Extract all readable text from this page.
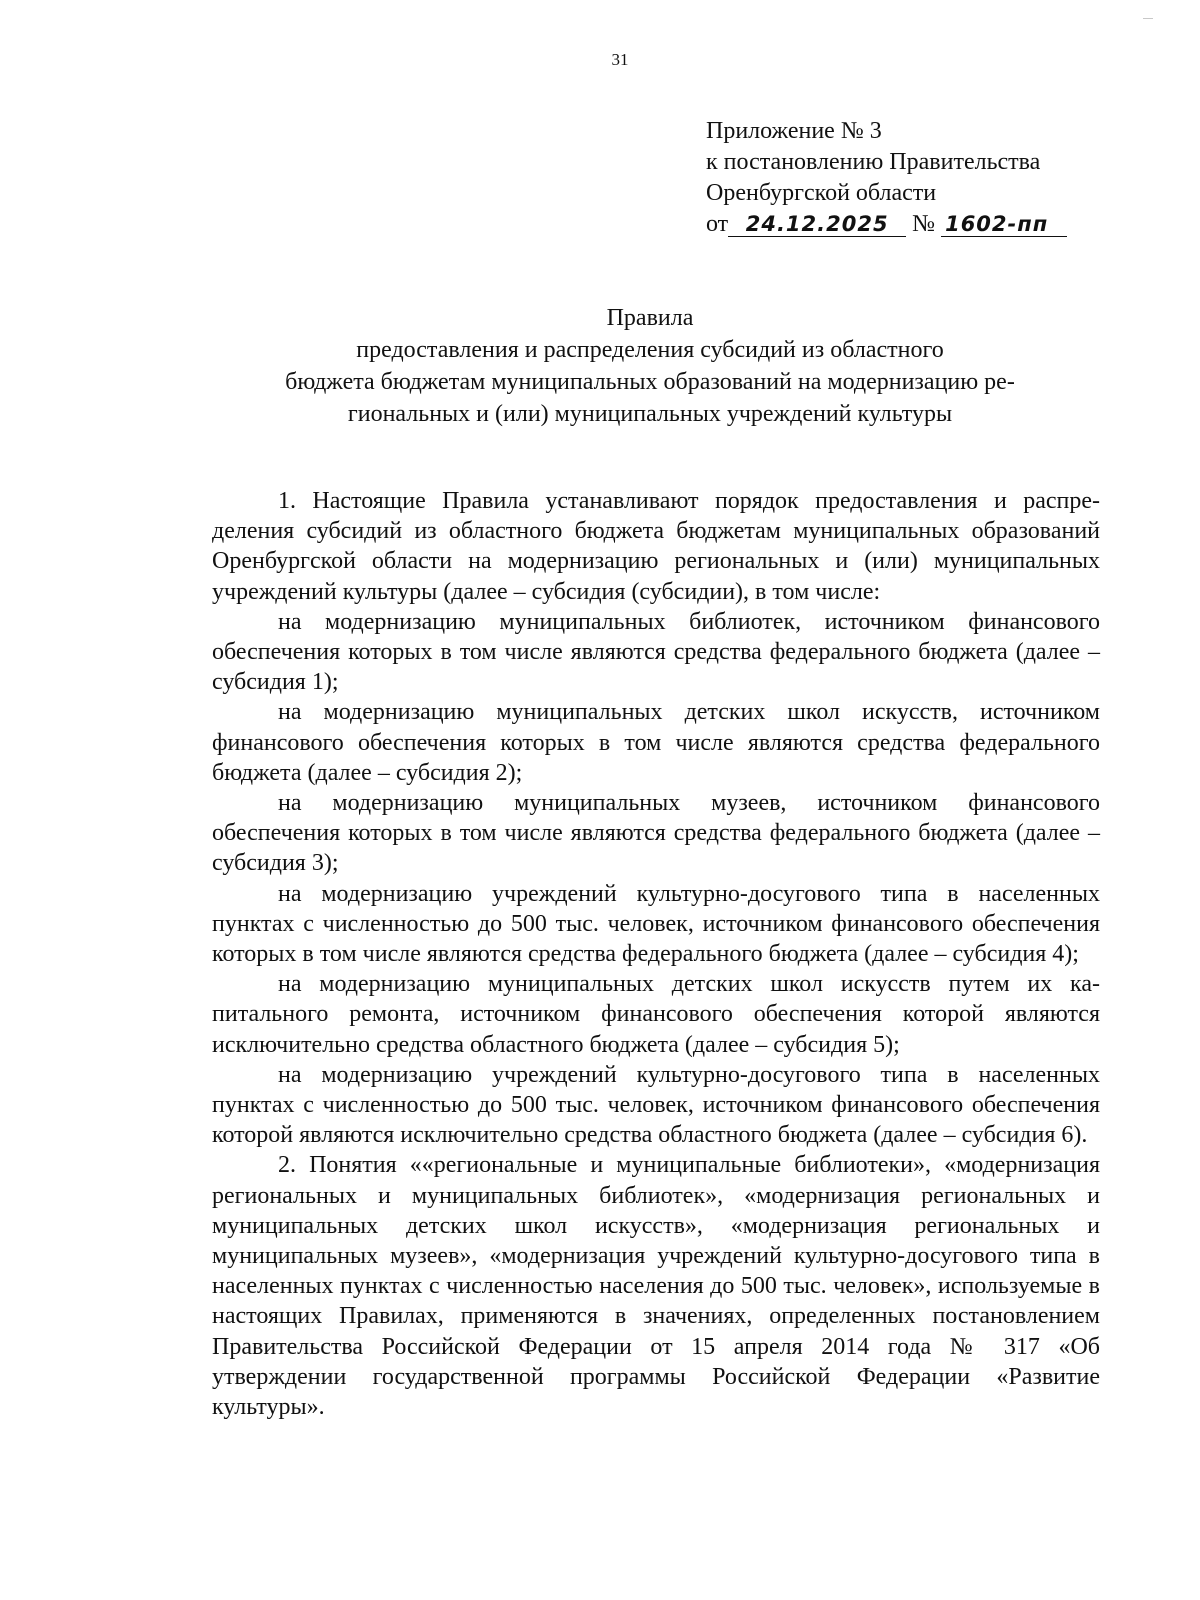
31
Приложение № 3
к постановлению Правительства
Оренбургской области
от 24.12.2025 № 1602-пп
Правила
предоставления и распределения субсидий из областного
бюджета бюджетам муниципальных образований на модернизацию ре-
гиональных и (или) муниципальных учреждений культуры

1. Настоящие Правила устанавливают порядок предоставления и распределения субсидий из областного бюджета бюджетам муниципальных образований Оренбургской области на модернизацию региональных и (или) муниципальных учреждений культуры (далее – субсидия (субсидии), в том числе:

на модернизацию муниципальных библиотек, источником финансового обеспечения которых в том числе являются средства федерального бюджета (далее – субсидия 1);

на модернизацию муниципальных детских школ искусств, источником финансового обеспечения которых в том числе являются средства федерального бюджета (далее – субсидия 2);

на модернизацию муниципальных музеев, источником финансового обеспечения которых в том числе являются средства федерального бюджета (далее – субсидия 3);

на модернизацию учреждений культурно-досугового типа в населенных пунктах с численностью до 500 тыс. человек, источником финансового обеспечения которых в том числе являются средства федерального бюджета (далее – субсидия 4);

на модернизацию муниципальных детских школ искусств путем их капитального ремонта, источником финансового обеспечения которой являются исключительно средства областного бюджета (далее – субсидия 5);

на модернизацию учреждений культурно-досугового типа в населенных пунктах с численностью до 500 тыс. человек, источником финансового обеспечения которой являются исключительно средства областного бюджета (далее – субсидия 6).

2. Понятия ««региональные и муниципальные библиотеки», «модернизация региональных и муниципальных библиотек», «модернизация региональных и муниципальных детских школ искусств», «модернизация региональных и муниципальных музеев», «модернизация учреждений культурно-досугового типа в населенных пунктах с численностью населения до 500 тыс. человек», используемые в настоящих Правилах, применяются в значениях, определенных постановлением Правительства Российской Федерации от 15 апреля 2014 года № 317 «Об утверждении государственной программы Российской Федерации «Развитие культуры».
